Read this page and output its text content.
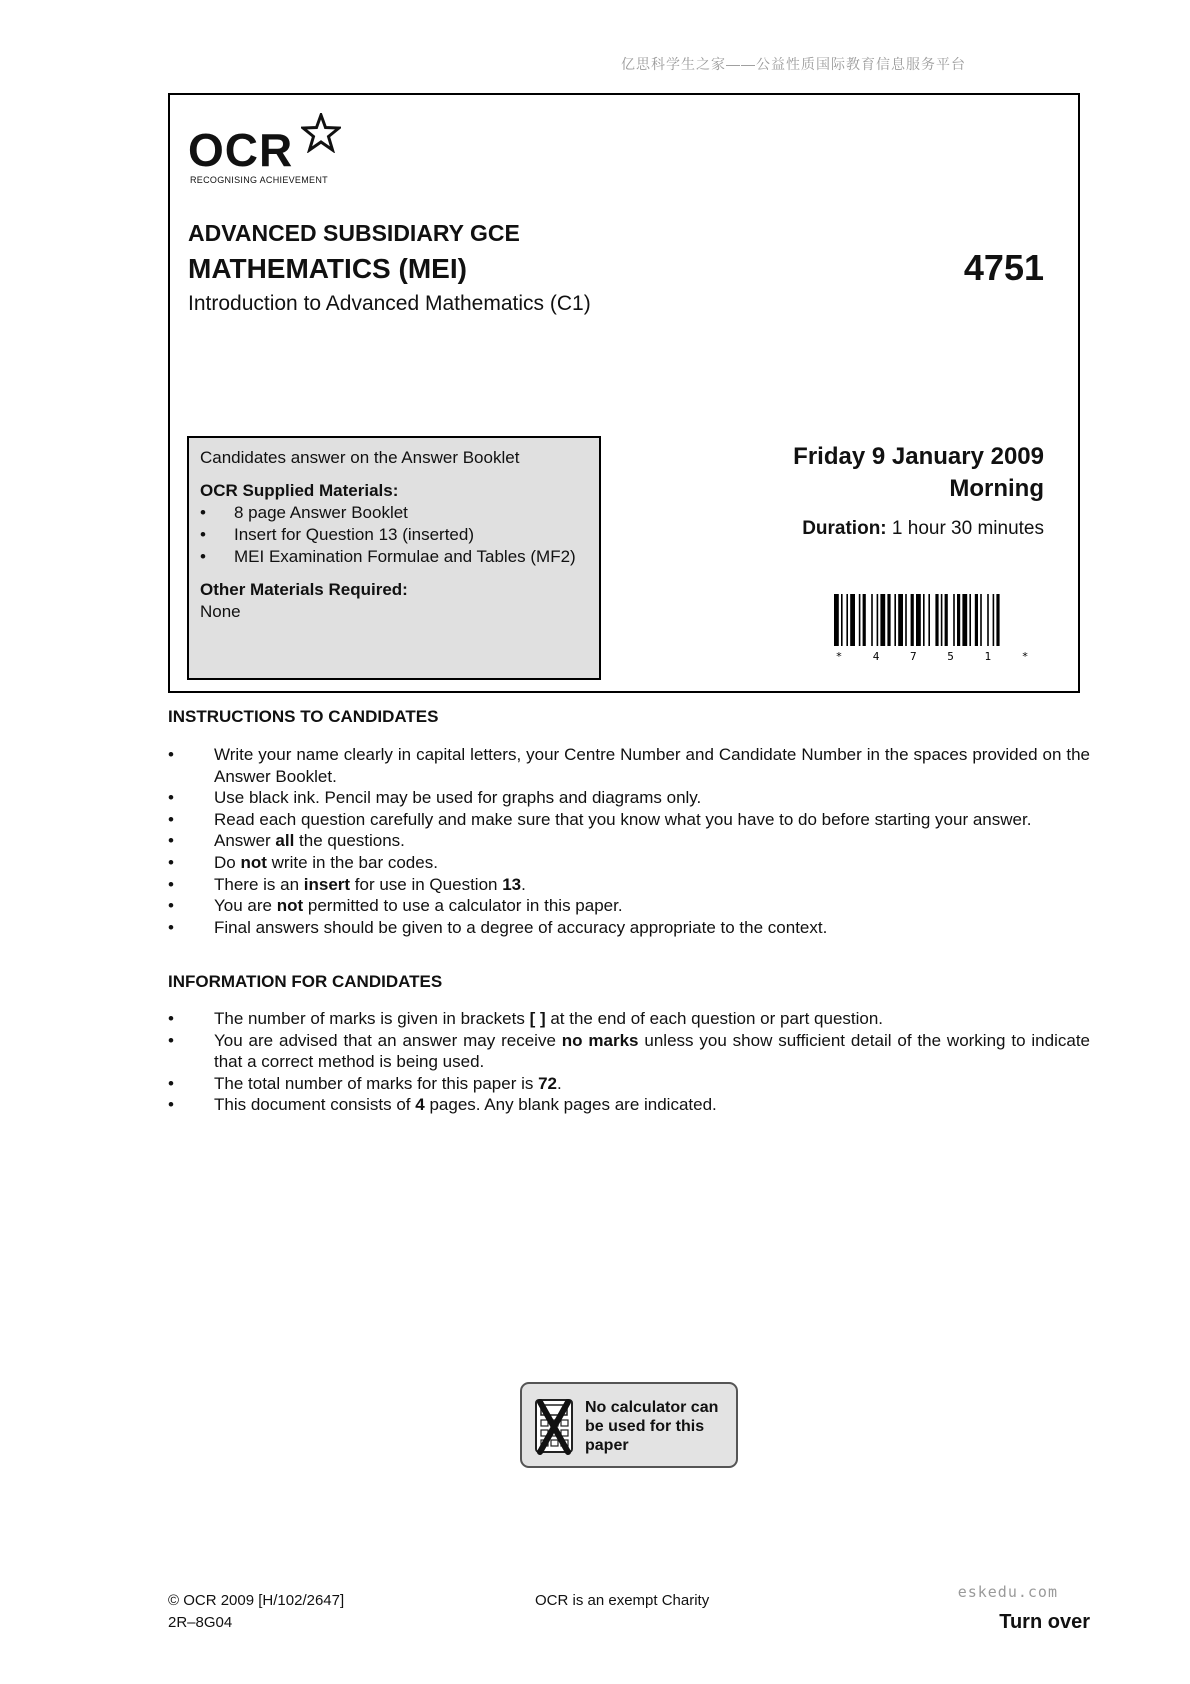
亿思科学生之家——公益性质国际教育信息服务平台
OCR
RECOGNISING ACHIEVEMENT
ADVANCED SUBSIDIARY GCE
MATHEMATICS (MEI)	4751
Introduction to Advanced Mathematics (C1)
Candidates answer on the Answer Booklet
OCR Supplied Materials:
• 8 page Answer Booklet
• Insert for Question 13 (inserted)
• MEI Examination Formulae and Tables (MF2)
Other Materials Required:
None
Friday 9 January 2009
Morning
Duration: 1 hour 30 minutes
* 4 7 5 1 *
INSTRUCTIONS TO CANDIDATES
• Write your name clearly in capital letters, your Centre Number and Candidate Number in the spaces provided on the Answer Booklet.
• Use black ink. Pencil may be used for graphs and diagrams only.
• Read each question carefully and make sure that you know what you have to do before starting your answer.
• Answer all the questions.
• Do not write in the bar codes.
• There is an insert for use in Question 13.
• You are not permitted to use a calculator in this paper.
• Final answers should be given to a degree of accuracy appropriate to the context.
INFORMATION FOR CANDIDATES
• The number of marks is given in brackets [ ] at the end of each question or part question.
• You are advised that an answer may receive no marks unless you show sufficient detail of the working to indicate that a correct method is being used.
• The total number of marks for this paper is 72.
• This document consists of 4 pages. Any blank pages are indicated.
No calculator can
be used for this
paper
© OCR 2009 [H/102/2647]
2R–8G04
OCR is an exempt Charity	eskedu.com
Turn over
